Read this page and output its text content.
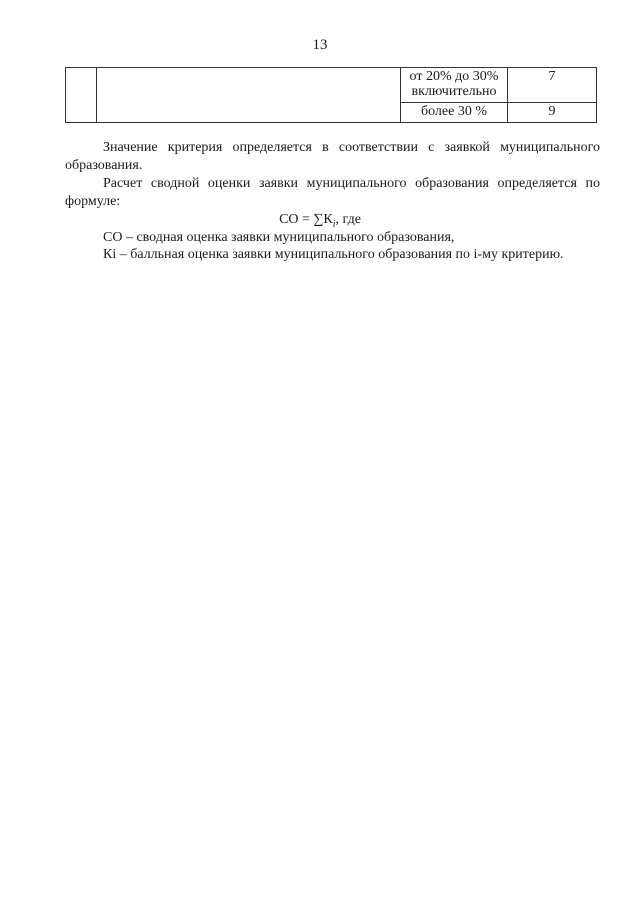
13

		от 20% до 30% включительно	7

		более 30 %	9

Значение критерия определяется в соответствии с заявкой муниципального образования.

Расчет сводной оценки заявки муниципального образования определяется по формуле:

СО = $\sum К_i$, где

СО – сводная оценка заявки муниципального образования,

Кi – балльная оценка заявки муниципального образования по i-му критерию.
